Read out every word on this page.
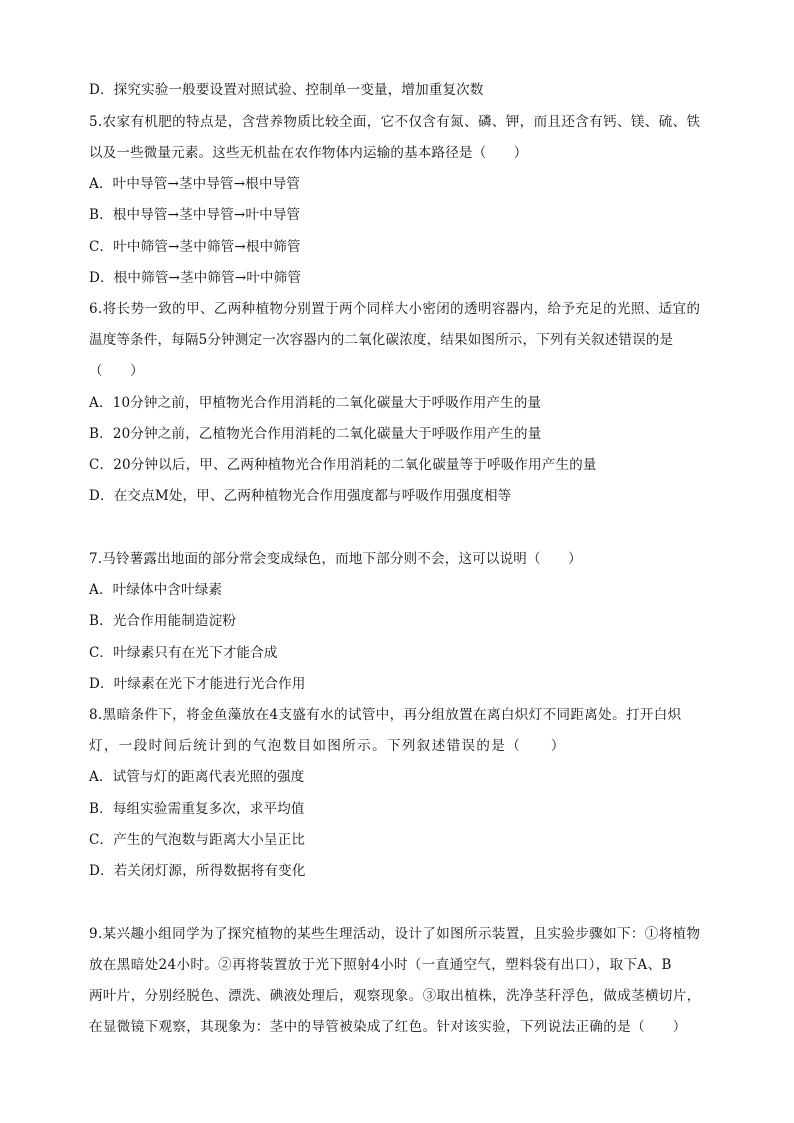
D．探究实验一般要设置对照试验、控制单一变量，增加重复次数
5.农家有机肥的特点是，含营养物质比较全面，它不仅含有氮、磷、钾，而且还含有钙、镁、硫、铁
以及一些微量元素。这些无机盐在农作物体内运输的基本路径是（　　）
A．叶中导管→茎中导管→根中导管
B．根中导管→茎中导管→叶中导管
C．叶中筛管→茎中筛管→根中筛管
D．根中筛管→茎中筛管→叶中筛管
6.将长势一致的甲、乙两种植物分别置于两个同样大小密闭的透明容器内，给予充足的光照、适宜的
温度等条件，每隔5分钟测定一次容器内的二氧化碳浓度，结果如图所示，下列有关叙述错误的是
（　　）
A．10分钟之前，甲植物光合作用消耗的二氧化碳量大于呼吸作用产生的量
B．20分钟之前，乙植物光合作用消耗的二氧化碳量大于呼吸作用产生的量
C．20分钟以后，甲、乙两种植物光合作用消耗的二氧化碳量等于呼吸作用产生的量
D．在交点M处，甲、乙两种植物光合作用强度都与呼吸作用强度相等
7.马铃薯露出地面的部分常会变成绿色，而地下部分则不会，这可以说明（　　）
A．叶绿体中含叶绿素
B．光合作用能制造淀粉
C．叶绿素只有在光下才能合成
D．叶绿素在光下才能进行光合作用
8.黑暗条件下，将金鱼藻放在4支盛有水的试管中，再分组放置在离白炽灯不同距离处。打开白炽
灯，一段时间后统计到的气泡数目如图所示。下列叙述错误的是（　　）
A．试管与灯的距离代表光照的强度
B．每组实验需重复多次，求平均值
C．产生的气泡数与距离大小呈正比
D．若关闭灯源，所得数据将有变化
9.某兴趣小组同学为了探究植物的某些生理活动，设计了如图所示装置，且实验步骤如下：①将植物
放在黑暗处24小时。②再将装置放于光下照射4小时（一直通空气，塑料袋有出口），取下A、B
两叶片，分别经脱色、漂洗、碘液处理后，观察现象。③取出植株，洗净茎秆浮色，做成茎横切片，
在显微镜下观察，其现象为：茎中的导管被染成了红色。针对该实验，下列说法正确的是（　　）
